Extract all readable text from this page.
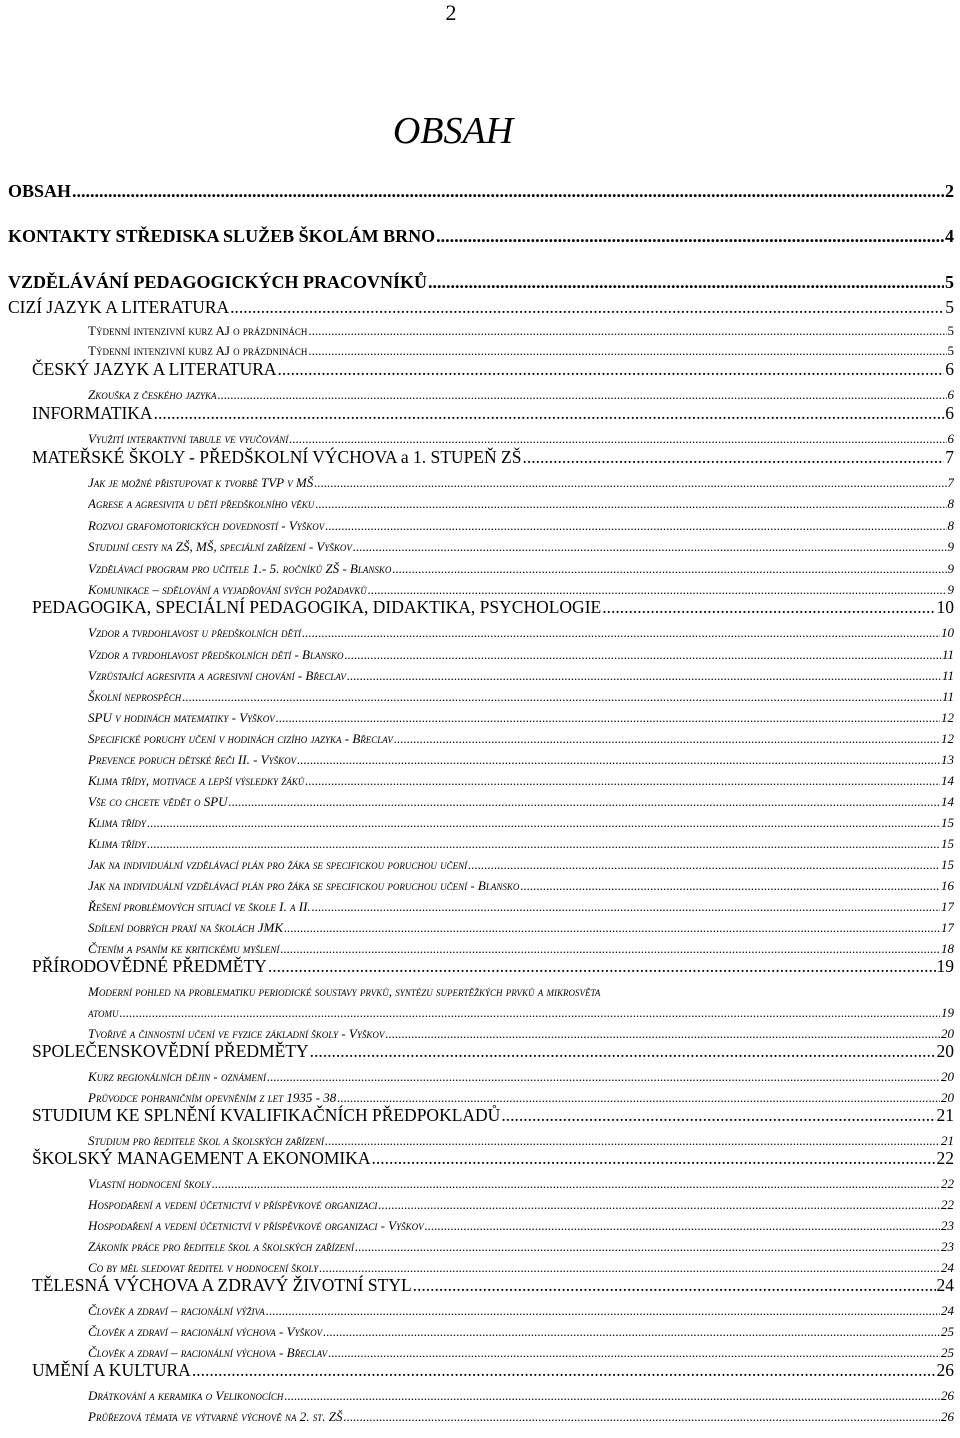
2
OBSAH
OBSAH .....	2
KONTAKTY STŘEDISKA SLUŽEB ŠKOLÁM BRNO .....	4
VZDĚLÁVÁNÍ PEDAGOGICKÝCH PRACOVNÍKŮ .....	5
CIZÍ JAZYK A LITERATURA .....	5
Týdenní intenzivní kurz AJ o prázdninách .....	5
Týdenní intenzivní kurz AJ o prázdninách .....	5
ČESKÝ JAZYK A LITERATURA .....	6
Zkouška z českého jazyka .....	6
INFORMATIKA .....	6
Využití interaktivní tabule ve vyučování .....	6
MATEŘSKÉ ŠKOLY - PŘEDŠKOLNÍ VÝCHOVA a 1. STUPEŇ ZŠ .....	7
Jak je možné přistupovat k tvorbě TVP v MŠ .....	7
Agrese a agresivita u dětí předškolního věku .....	8
Rozvoj grafomotorických dovedností - Vyškov .....	8
Studijní cesty na ZŠ, MŠ, speciální zařízení - Vyškov .....	9
Vzdělávací program pro učitele 1.- 5. ročníků ZŠ - Blansko .....	9
Komunikace – sdělování a vyjadřování svých požadavků .....	9
PEDAGOGIKA, SPECIÁLNÍ PEDAGOGIKA, DIDAKTIKA, PSYCHOLOGIE .....	10
Vzdor a tvrdohlavost u předškolních dětí .....	10
Vzdor a tvrdohlavost předškolních dětí - Blansko .....	11
Vzrůstající agresivita a agresivní chování - Břeclav .....	11
Školní neprospěch .....	11
SPU v hodinách matematiky - Vyškov .....	12
Specifické poruchy učení v hodinách cizího jazyka - Břeclav .....	12
Prevence poruch dětské řeči II. - Vyškov .....	13
Klima třídy, motivace a lepší výsledky žáků .....	14
Vše co chcete vědět o SPU .....	14
Klima třídy .....	15
Klima třídy .....	15
Jak na individuální vzdělávací plán pro žáka se specifickou poruchou učení .....	15
Jak na individuální vzdělávací plán pro žáka se specifickou poruchou učení - Blansko .....	16
Řešení problémových situací ve škole I. a II. .....	17
Sdílení dobrých praxí na školách JMK .....	17
Čtením a psaním ke kritickému myšlení .....	18
PŘÍRODOVĚDNÉ PŘEDMĚTY .....	19
Moderní pohled na problematiku periodické soustavy prvků, syntézu supertěžkých prvků a mikrosvěta
atomu .....	19
Tvořivé a činnostní učení ve fyzice základní školy - Vyškov .....	20
SPOLEČENSKOVĚDNÍ PŘEDMĚTY .....	20
Kurz regionálních dějin - oznámení .....	20
Průvodce pohraničním opevněním z let 1935 - 38 .....	20
STUDIUM KE SPLNĚNÍ KVALIFIKAČNÍCH PŘEDPOKLADŮ .....	21
Studium pro ředitele škol a školských zařízení .....	21
ŠKOLSKÝ MANAGEMENT A EKONOMIKA .....	22
Vlastní hodnocení školy .....	22
Hospodaření a vedení účetnictví v příspěvkové organizaci .....	22
Hospodaření a vedení účetnictví v příspěvkové organizaci - Vyškov .....	23
Zákoník práce pro ředitele škol a školských zařízení .....	23
Co by měl sledovat ředitel v hodnocení školy .....	24
TĚLESNÁ VÝCHOVA A ZDRAVÝ ŽIVOTNÍ STYL .....	24
Člověk a zdraví – racionální výživa .....	24
Člověk a zdraví – racionální výchova - Vyškov .....	25
Člověk a zdraví – racionální výchova - Břeclav .....	25
UMĚNÍ A KULTURA .....	26
Drátkování a keramika o Velikonocích .....	26
Průřezová témata ve výtvarné výchově na 2. st. ZŠ .....	26
